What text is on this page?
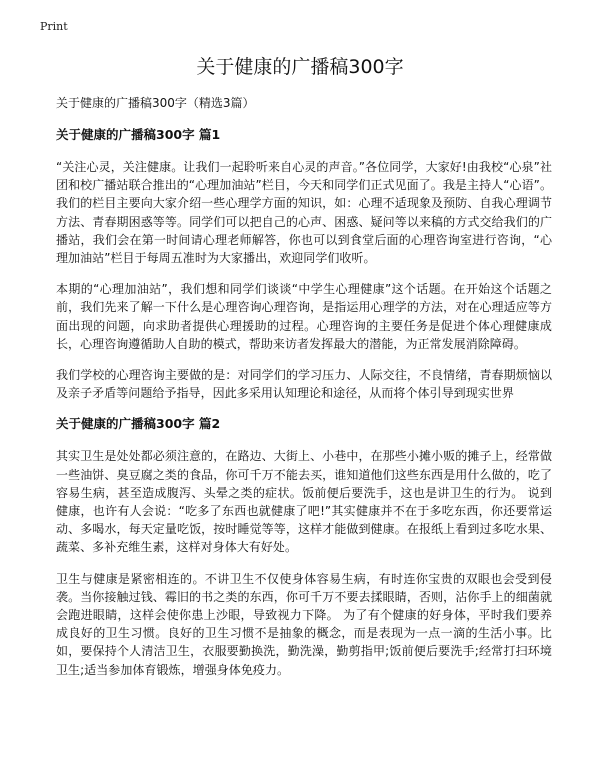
Print
关于健康的广播稿300字

关于健康的广播稿300字（精选3篇）

关于健康的广播稿300字 篇1

“关注心灵，关注健康。让我们一起聆听来自心灵的声音。”各位同学，大家好!由我校“心泉”社团和校广播站联合推出的“心理加油站”栏目，今天和同学们正式见面了。我是主持人“心语”。我们的栏目主要向大家介绍一些心理学方面的知识，如：心理不适现象及预防、自我心理调节方法、青春期困惑等等。同学们可以把自己的心声、困惑、疑问等以来稿的方式交给我们的广播站，我们会在第一时间请心理老师解答，你也可以到食堂后面的心理咨询室进行咨询，“心理加油站”栏目于每周五准时为大家播出，欢迎同学们收听。

本期的“心理加油站”，我们想和同学们谈谈“中学生心理健康”这个话题。在开始这个话题之前，我们先来了解一下什么是心理咨询心理咨询，是指运用心理学的方法，对在心理适应等方面出现的问题，向求助者提供心理援助的过程。心理咨询的主要任务是促进个体心理健康成长，心理咨询遵循助人自助的模式，帮助来访者发挥最大的潜能，为正常发展消除障碍。

我们学校的心理咨询主要做的是：对同学们的学习压力、人际交往，不良情绪，青春期烦恼以及亲子矛盾等问题给予指导，因此多采用认知理论和途径，从而将个体引导到现实世界

关于健康的广播稿300字 篇2

其实卫生是处处都必须注意的，在路边、大街上、小巷中，在那些小摊小贩的摊子上，经常做一些油饼、臭豆腐之类的食品，你可千万不能去买，谁知道他们这些东西是用什么做的，吃了容易生病，甚至造成腹泻、头晕之类的症状。饭前便后要洗手，这也是讲卫生的行为。 说到健康，也许有人会说：“吃多了东西也就健康了吧!”其实健康并不在于多吃东西，你还要常运动、多喝水，每天定量吃饭，按时睡觉等等，这样才能做到健康。在报纸上看到过多吃水果、蔬菜、多补充维生素，这样对身体大有好处。

卫生与健康是紧密相连的。不讲卫生不仅使身体容易生病，有时连你宝贵的双眼也会受到侵袭。当你接触过钱、霉旧的书之类的东西，你可千万不要去揉眼睛，否则，沾你手上的细菌就会跑进眼睛，这样会使你患上沙眼，导致视力下降。 为了有个健康的好身体，平时我们要养成良好的卫生习惯。良好的卫生习惯不是抽象的概念，而是表现为一点一滴的生活小事。比如，要保持个人清洁卫生，衣服要勤换洗，勤洗澡，勤剪指甲;饭前便后要洗手;经常打扫环境卫生;适当参加体育锻炼，增强身体免疫力。
